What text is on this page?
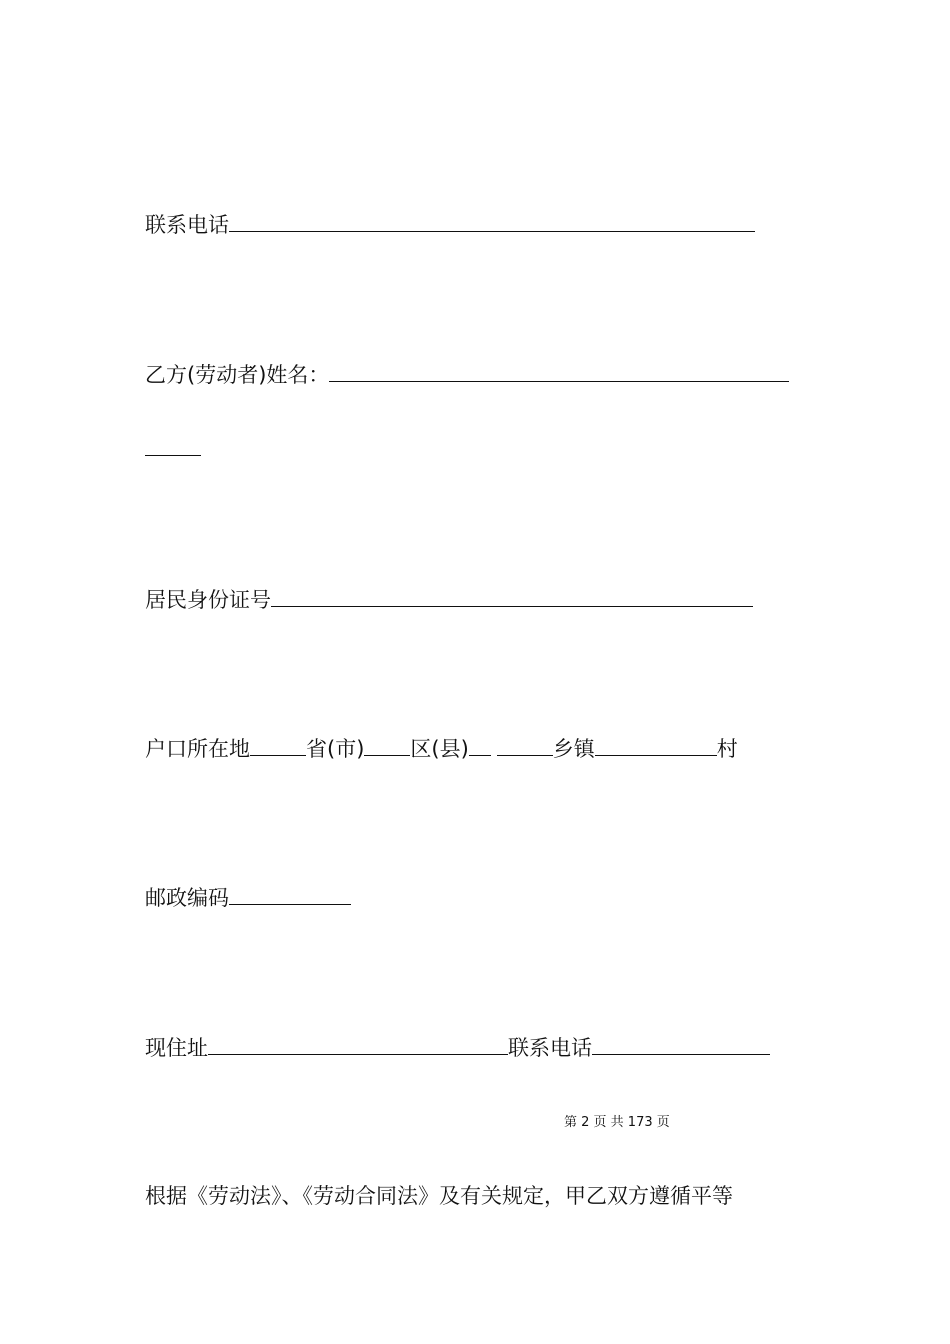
联系电话
乙方(劳动者)姓名：
居民身份证号
户口所在地	省(市) 区(县)	乡镇	村
邮政编码
现住址	联系电话
第 2 页 共 173 页
根据《劳动法》、《劳动合同法》及有关规定，甲乙双方遵循平等
